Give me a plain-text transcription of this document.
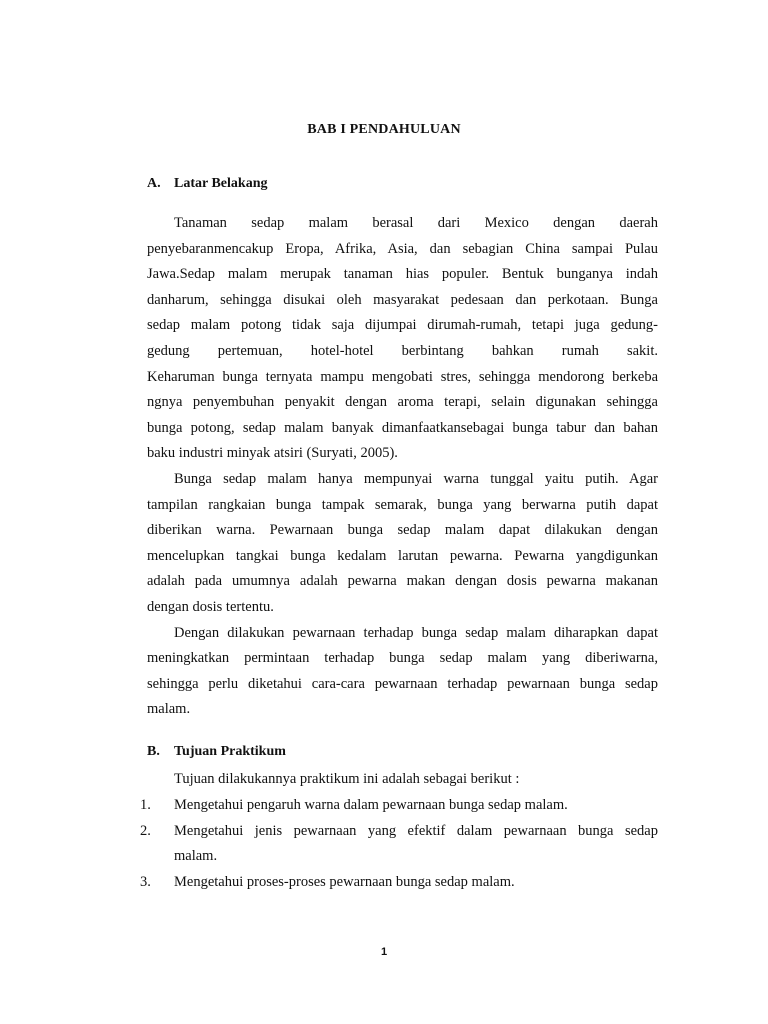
BAB I PENDAHULUAN
A. Latar Belakang
Tanaman sedap malam berasal dari Mexico dengan daerah
penyebaranmencakup Eropa, Afrika, Asia, dan sebagian China sampai Pulau
Jawa.Sedap malam merupak tanaman hias populer. Bentuk bunganya indah
danharum, sehingga disukai oleh masyarakat pedesaan dan perkotaan. Bunga
sedap malam potong tidak saja dijumpai dirumah-rumah, tetapi juga gedung-
gedung pertemuan, hotel-hotel berbintang bahkan rumah sakit.
Keharuman bunga ternyata mampu mengobati stres, sehingga mendorong berkeba
ngnya penyembuhan penyakit dengan aroma terapi, selain digunakan sehingga
bunga potong, sedap malam banyak dimanfaatkansebagai bunga tabur dan bahan
baku industri minyak atsiri (Suryati, 2005).
Bunga sedap malam hanya mempunyai warna tunggal yaitu putih. Agar
tampilan rangkaian bunga tampak semarak, bunga yang berwarna putih dapat
diberikan warna. Pewarnaan bunga sedap malam dapat dilakukan dengan
mencelupkan tangkai bunga kedalam larutan pewarna. Pewarna yangdigunkan
adalah pada umumnya adalah pewarna makan dengan dosis pewarna makanan
dengan dosis tertentu.
Dengan dilakukan pewarnaan terhadap bunga sedap malam diharapkan dapat
meningkatkan permintaan terhadap bunga sedap malam yang diberiwarna,
sehingga perlu diketahui cara-cara pewarnaan terhadap pewarnaan bunga sedap
malam.
B. Tujuan Praktikum
Tujuan dilakukannya praktikum ini adalah sebagai berikut :
1.	Mengetahui pengaruh warna dalam pewarnaan bunga sedap malam.
2.	Mengetahui jenis pewarnaan yang efektif dalam pewarnaan bunga sedap
malam.
3.	Mengetahui proses-proses pewarnaan bunga sedap malam.
1
